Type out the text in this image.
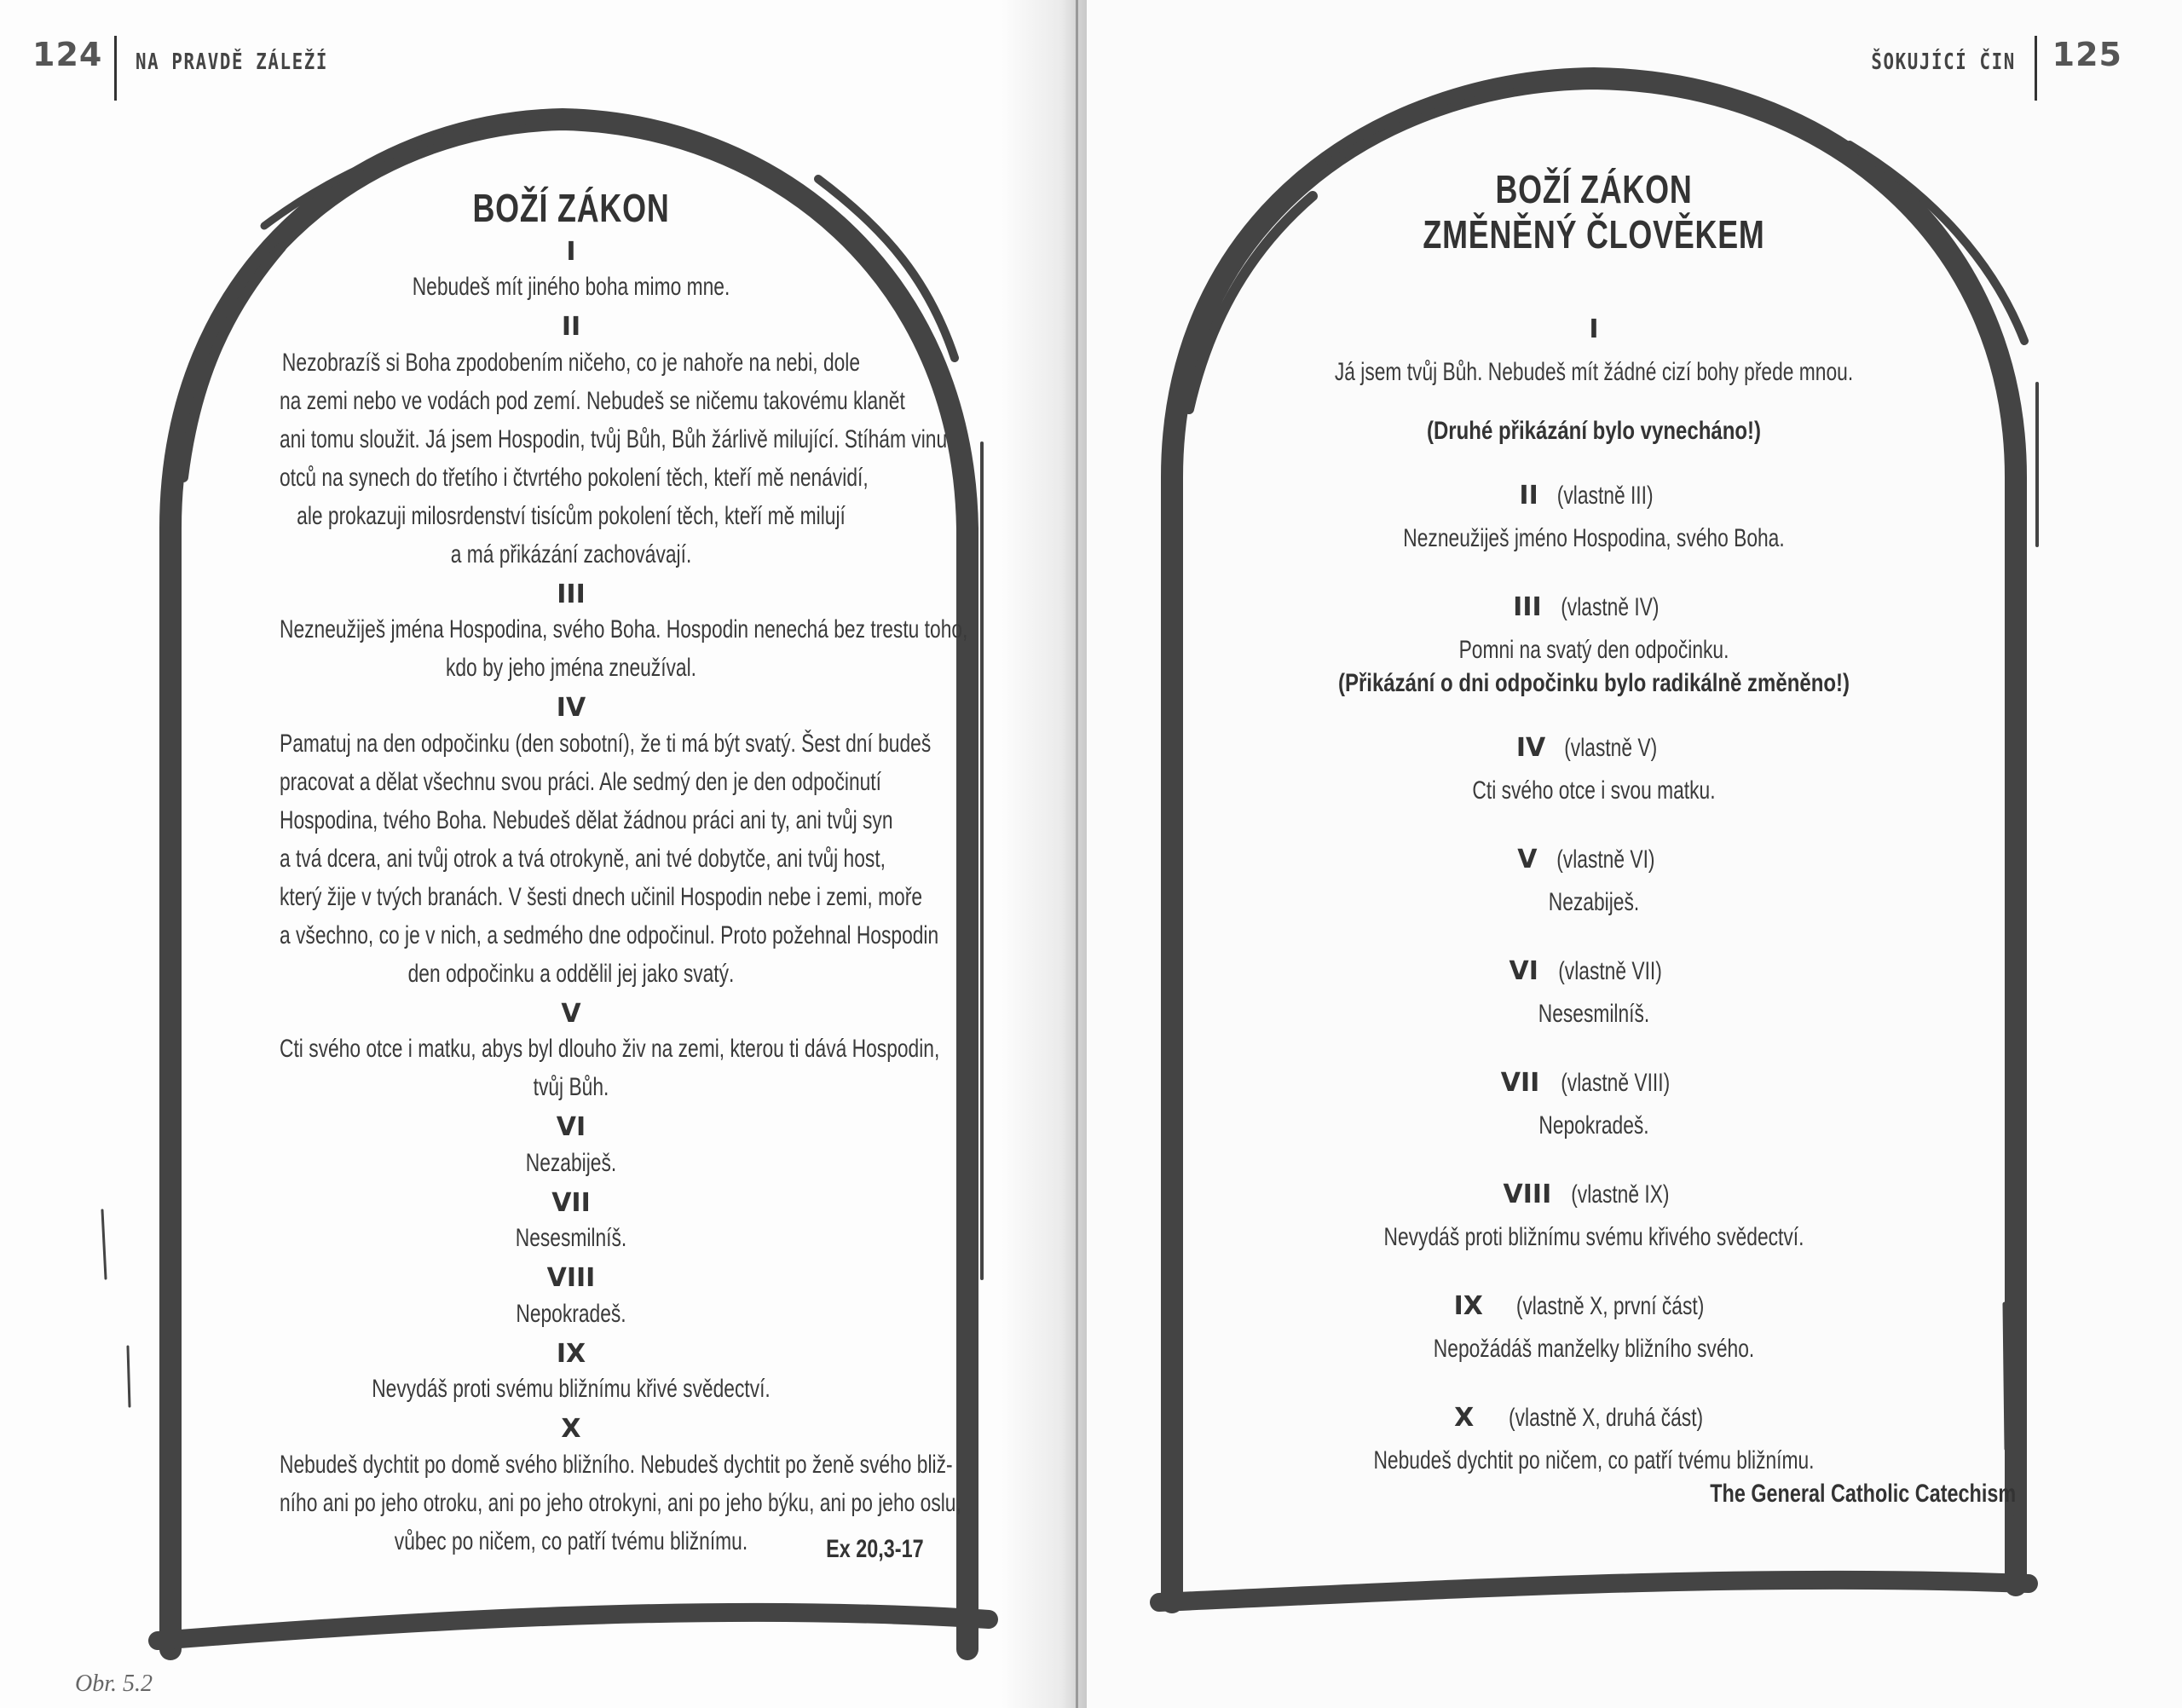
124 NA PRAVDĚ ZÁLEŽÍ	ŠOKUJÍCÍ ČIN 125
BOŽÍ ZÁKON
I
Nebudeš mít jiného boha mimo mne.
II
Nezobrazíš si Boha zpodobením ničeho, co je nahoře na nebi, dole
na zemi nebo ve vodách pod zemí. Nebudeš se ničemu takovému klanět
ani tomu sloužit. Já jsem Hospodin, tvůj Bůh, Bůh žárlivě milující. Stíhám vinu
otců na synech do třetího i čtvrtého pokolení těch, kteří mě nenávidí,
ale prokazuji milosrdenství tisícům pokolení těch, kteří mě milují
a má přikázání zachovávají.
III
Nezneužiješ jména Hospodina, svého Boha. Hospodin nenechá bez trestu toho,
kdo by jeho jména zneužíval.
IV
Pamatuj na den odpočinku (den sobotní), že ti má být svatý. Šest dní budeš
pracovat a dělat všechnu svou práci. Ale sedmý den je den odpočinutí
Hospodina, tvého Boha. Nebudeš dělat žádnou práci ani ty, ani tvůj syn
a tvá dcera, ani tvůj otrok a tvá otrokyně, ani tvé dobytče, ani tvůj host,
který žije v tvých branách. V šesti dnech učinil Hospodin nebe i zemi, moře
a všechno, co je v nich, a sedmého dne odpočinul. Proto požehnal Hospodin
den odpočinku a oddělil jej jako svatý.
V
Cti svého otce i matku, abys byl dlouho živ na zemi, kterou ti dává Hospodin,
tvůj Bůh.
VI
Nezabiješ.
VII
Nesesmilníš.
VIII
Nepokradeš.
IX
Nevydáš proti svému bližnímu křivé svědectví.
X
Nebudeš dychtit po domě svého bližního. Nebudeš dychtit po ženě svého bliž-
ního ani po jeho otroku, ani po jeho otrokyni, ani po jeho býku, ani po jeho oslu,
vůbec po ničem, co patří tvému bližnímu.	Ex 20,3-17
BOŽÍ ZÁKON
ZMĚNĚNÝ ČLOVĚKEM
I
Já jsem tvůj Bůh. Nebudeš mít žádné cizí bohy přede mnou.
(Druhé přikázání bylo vynecháno!)
II (vlastně III)
Nezneužiješ jméno Hospodina, svého Boha.
III (vlastně IV)
Pomni na svatý den odpočinku.
(Přikázání o dni odpočinku bylo radikálně změněno!)
IV (vlastně V)
Cti svého otce i svou matku.
V (vlastně VI)
Nezabiješ.
VI (vlastně VII)
Nesesmilníš.
VII (vlastně VIII)
Nepokradeš.
VIII (vlastně IX)
Nevydáš proti bližnímu svému křivého svědectví.
IX (vlastně X, první část)
Nepožádáš manželky bližního svého.
X (vlastně X, druhá část)
Nebudeš dychtit po ničem, co patří tvému bližnímu.
The General Catholic Catechism
Obr. 5.2
